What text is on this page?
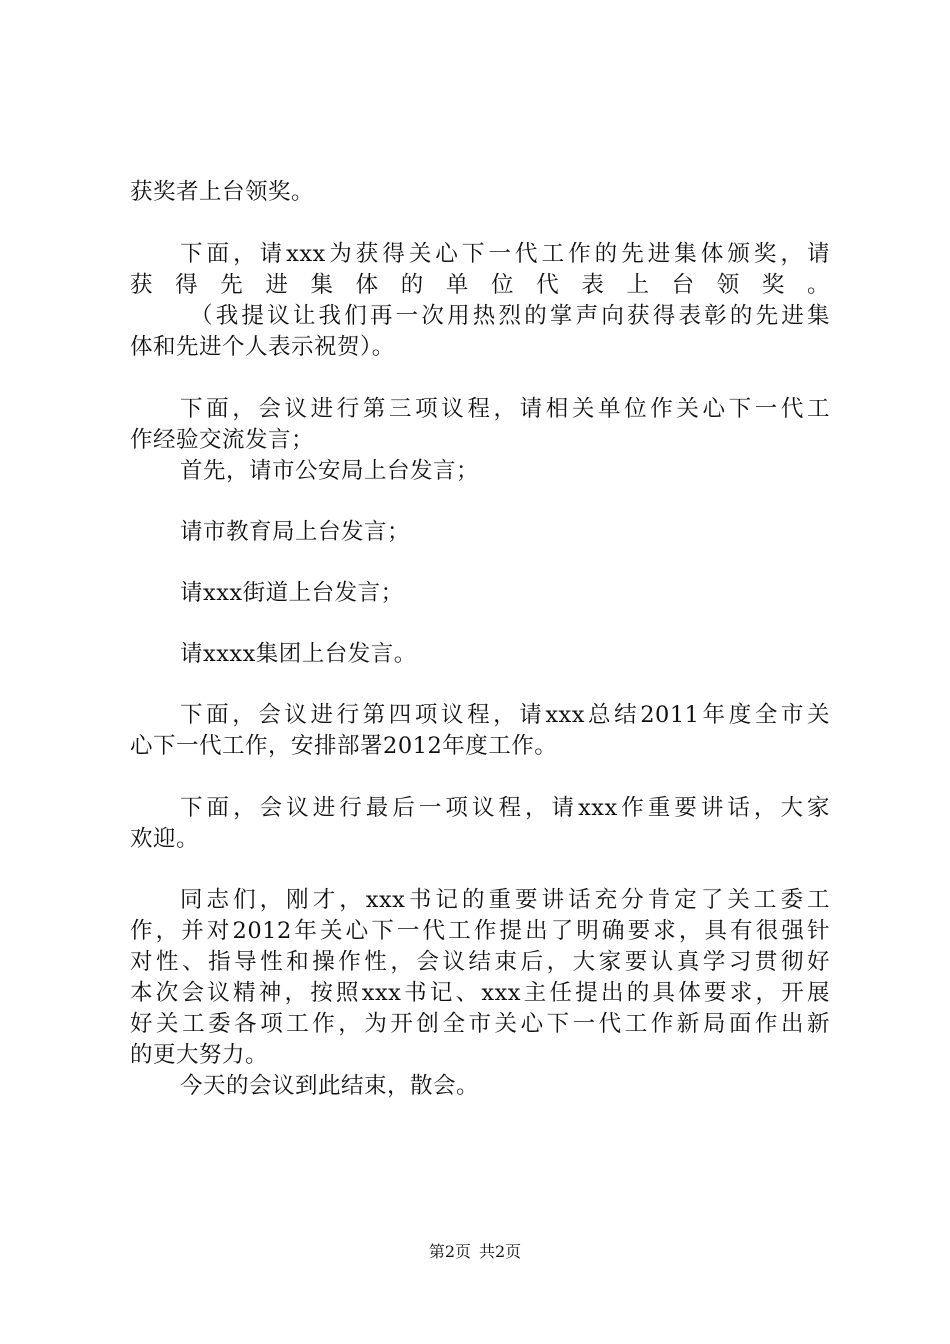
获奖者上台领奖。
下面，请xxx为获得关心下一代工作的先进集体颁奖，请
获得先进集体的单位代表上台领奖。
（我提议让我们再一次用热烈的掌声向获得表彰的先进集
体和先进个人表示祝贺）。
下面，会议进行第三项议程，请相关单位作关心下一代工
作经验交流发言；
首先，请市公安局上台发言；
请市教育局上台发言；
请xxx街道上台发言；
请xxxx集团上台发言。
下面，会议进行第四项议程，请xxx总结2011年度全市关
心下一代工作，安排部署2012年度工作。
下面，会议进行最后一项议程，请xxx作重要讲话，大家
欢迎。
同志们，刚才，xxx书记的重要讲话充分肯定了关工委工
作，并对2012年关心下一代工作提出了明确要求，具有很强针
对性、指导性和操作性，会议结束后，大家要认真学习贯彻好
本次会议精神，按照xxx书记、xxx主任提出的具体要求，开展
好关工委各项工作，为开创全市关心下一代工作新局面作出新
的更大努力。
今天的会议到此结束，散会。
第2页 共2页
